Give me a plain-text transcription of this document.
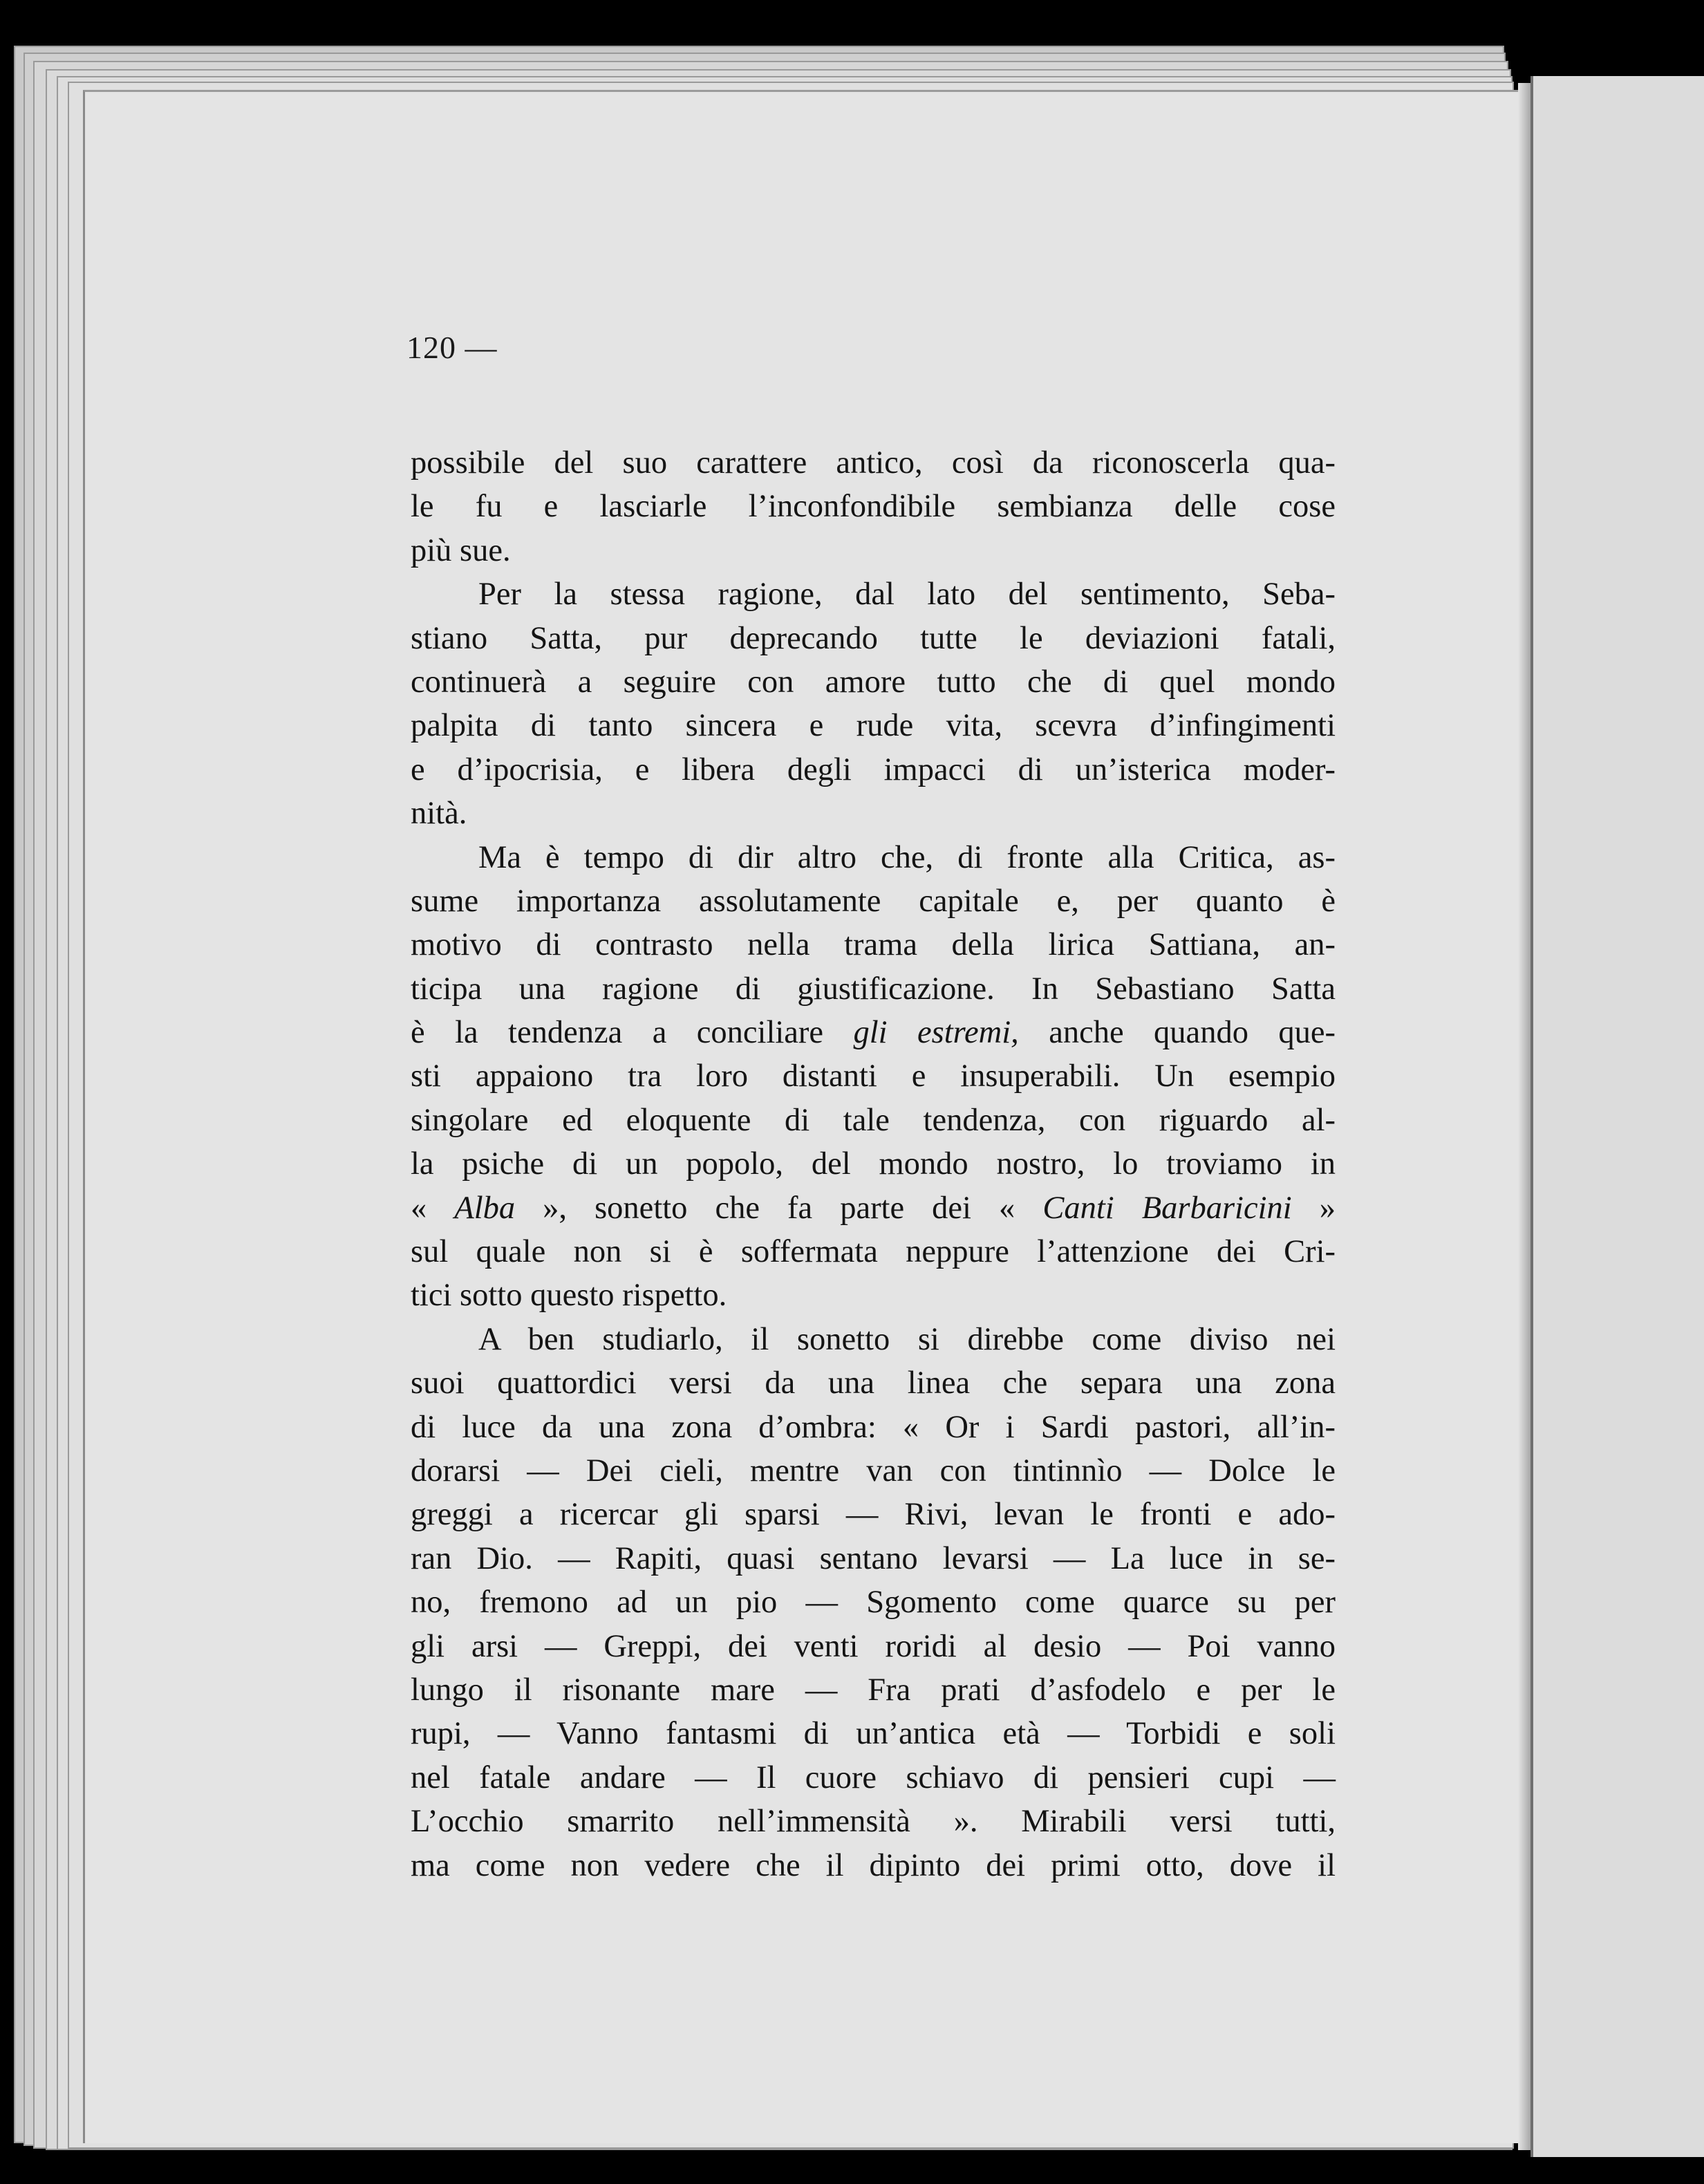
120 —
possibile del suo carattere antico, così da riconoscerla qua-
le fu e lasciarle l’inconfondibile sembianza delle cose
più sue.
Per la stessa ragione, dal lato del sentimento, Seba-
stiano Satta, pur deprecando tutte le deviazioni fatali,
continuerà a seguire con amore tutto che di quel mondo
palpita di tanto sincera e rude vita, scevra d’infingimenti
e d’ipocrisia, e libera degli impacci di un’isterica moder-
nità.
Ma è tempo di dir altro che, di fronte alla Critica, as-
sume importanza assolutamente capitale e, per quanto è
motivo di contrasto nella trama della lirica Sattiana, an-
ticipa una ragione di giustificazione. In Sebastiano Satta
è la tendenza a conciliare gli estremi, anche quando que-
sti appaiono tra loro distanti e insuperabili. Un esempio
singolare ed eloquente di tale tendenza, con riguardo al-
la psiche di un popolo, del mondo nostro, lo troviamo in
« Alba », sonetto che fa parte dei « Canti Barbaricini »
sul quale non si è soffermata neppure l’attenzione dei Cri-
tici sotto questo rispetto.
A ben studiarlo, il sonetto si direbbe come diviso nei
suoi quattordici versi da una linea che separa una zona
di luce da una zona d’ombra: « Or i Sardi pastori, all’in-
dorarsi — Dei cieli, mentre van con tintinnìo — Dolce le
greggi a ricercar gli sparsi — Rivi, levan le fronti e ado-
ran Dio. — Rapiti, quasi sentano levarsi — La luce in se-
no, fremono ad un pio — Sgomento come quarce su per
gli arsi — Greppi, dei venti roridi al desio — Poi vanno
lungo il risonante mare — Fra prati d’asfodelo e per le
rupi, — Vanno fantasmi di un’antica età — Torbidi e soli
nel fatale andare — Il cuore schiavo di pensieri cupi —
L’occhio smarrito nell’immensità ». Mirabili versi tutti,
ma come non vedere che il dipinto dei primi otto, dove il
